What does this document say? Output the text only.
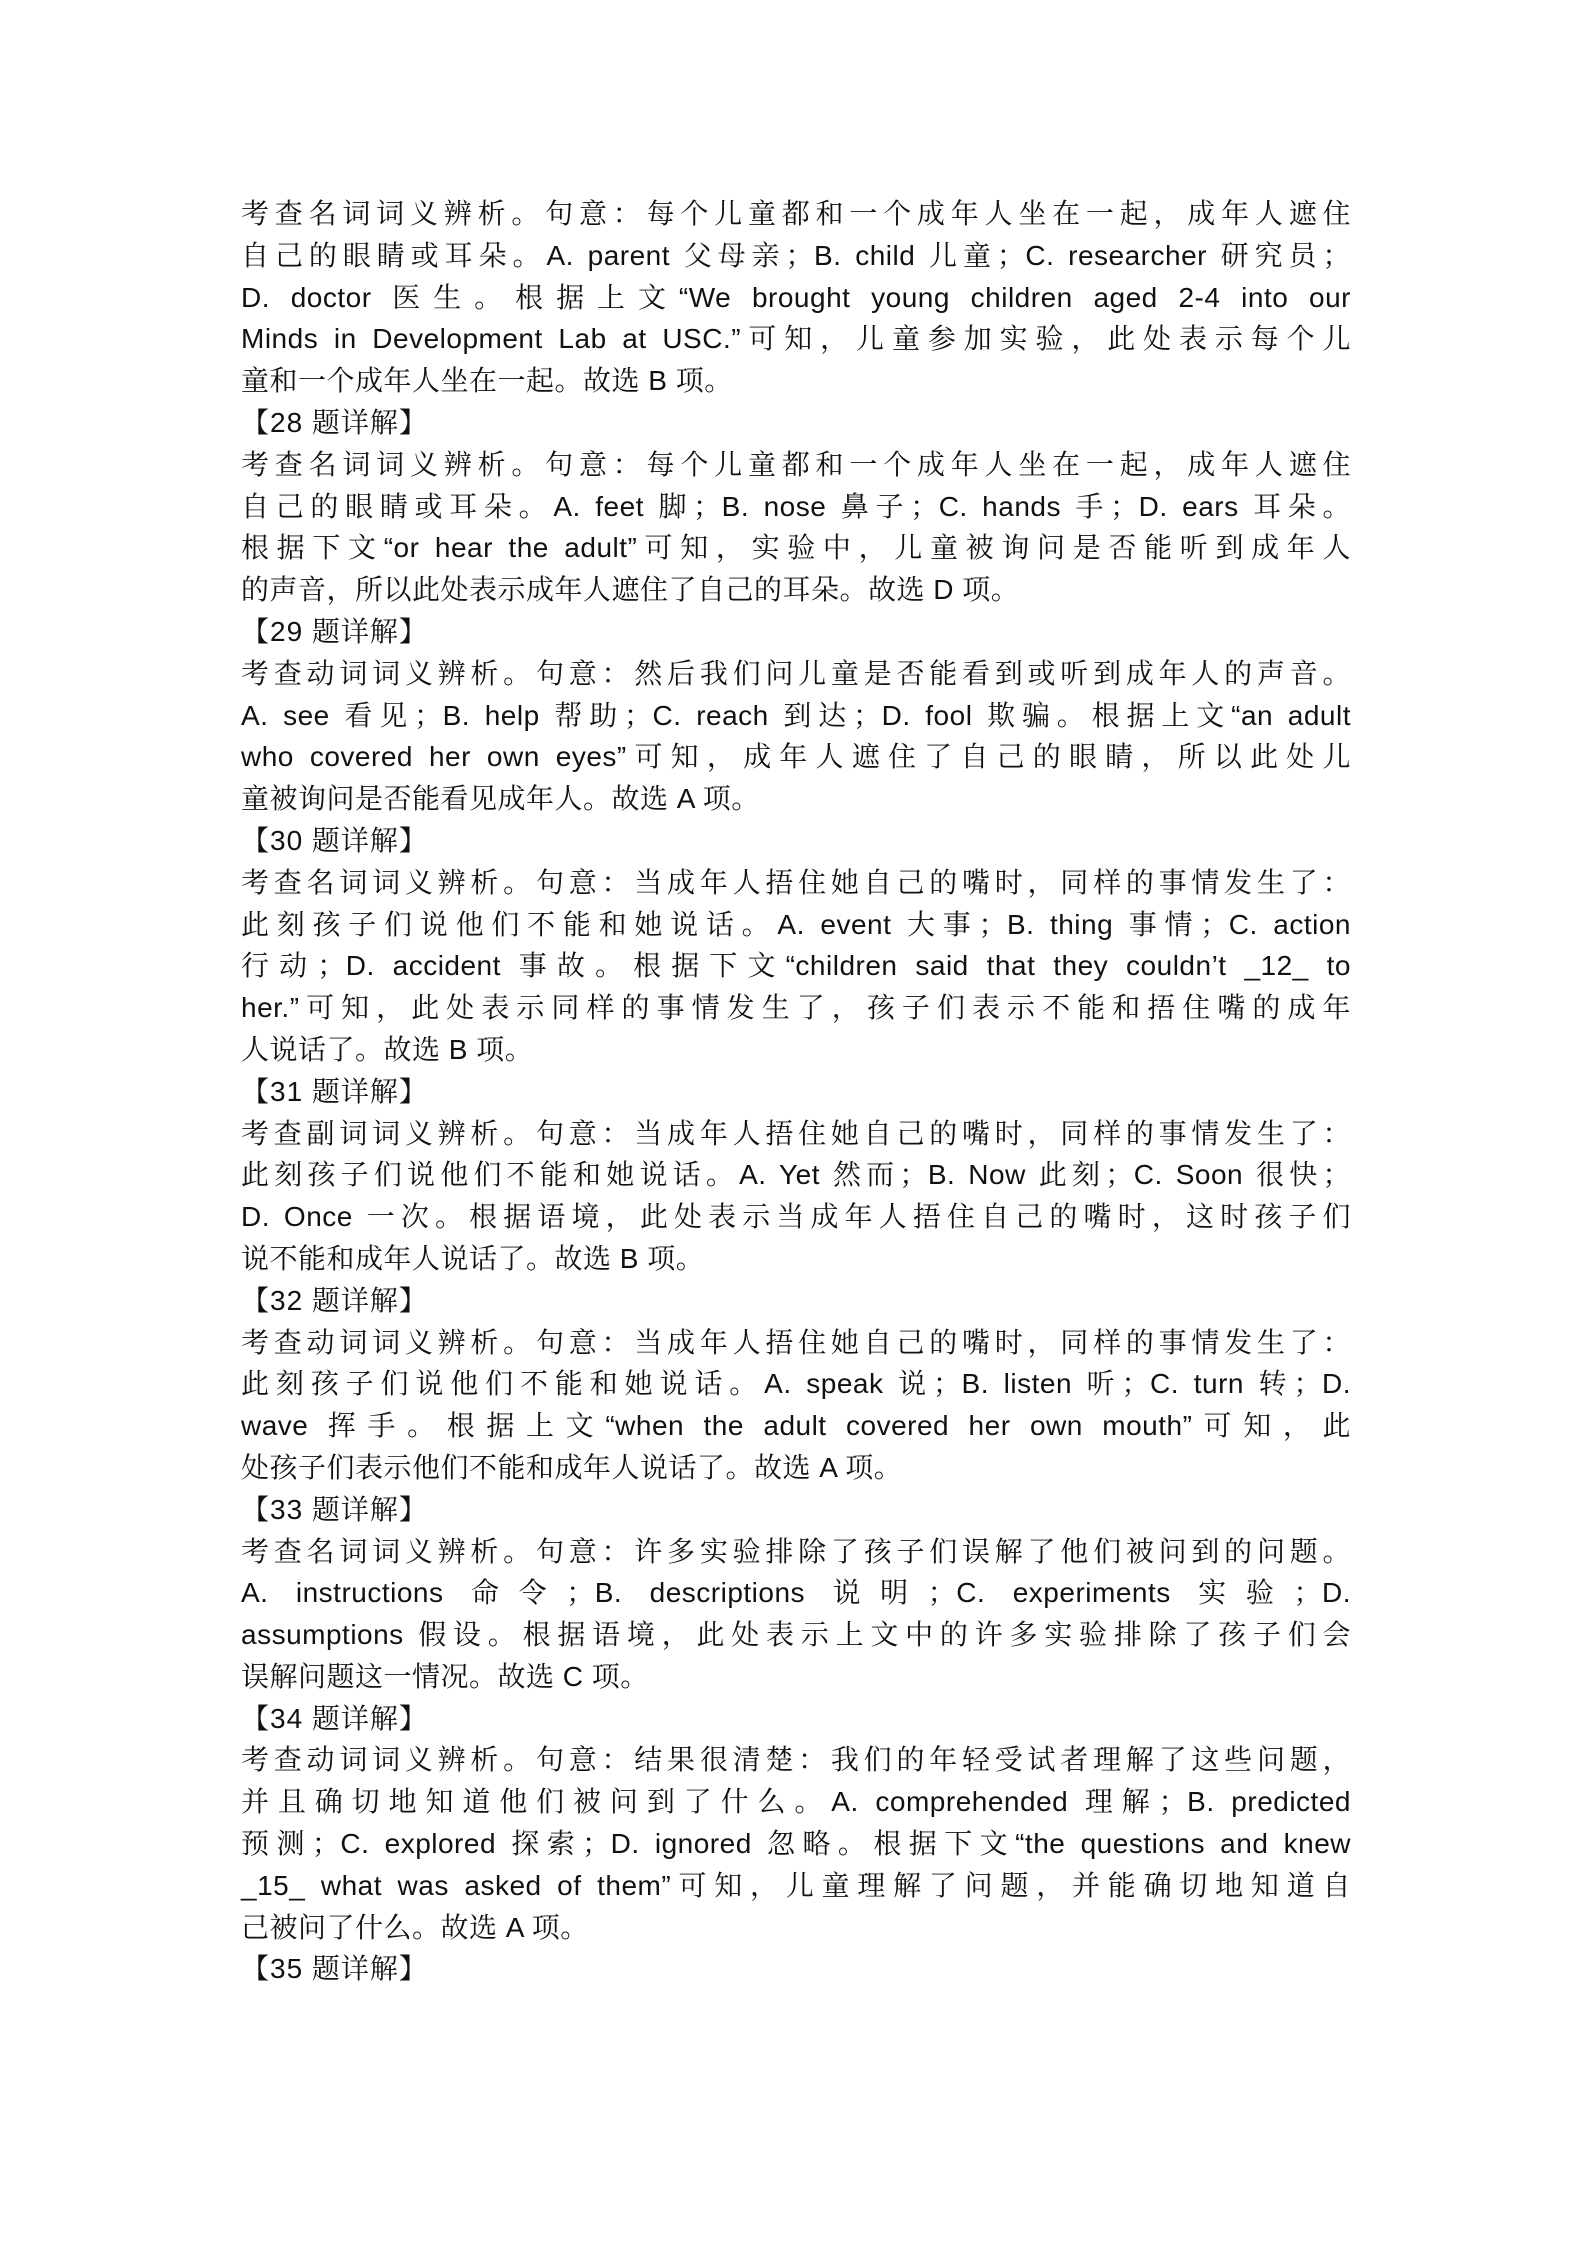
考查名词词义辨析。句意：每个儿童都和一个成年人坐在一起，成年人遮住
自己的眼睛或耳朵。A. parent 父母亲；B. child 儿童；C. researcher 研究员；
D. doctor 医生。根据上文“We brought young children aged 2-4 into our
Minds in Development Lab at USC.”可知，儿童参加实验，此处表示每个儿
童和一个成年人坐在一起。故选 B 项。
【28 题详解】
考查名词词义辨析。句意：每个儿童都和一个成年人坐在一起，成年人遮住
自己的眼睛或耳朵。A. feet 脚；B. nose 鼻子；C. hands 手；D. ears 耳朵。
根据下文“or hear the adult”可知，实验中，儿童被询问是否能听到成年人
的声音，所以此处表示成年人遮住了自己的耳朵。故选 D 项。
【29 题详解】
考查动词词义辨析。句意：然后我们问儿童是否能看到或听到成年人的声音。
A. see 看见；B. help 帮助；C. reach 到达；D. fool 欺骗。根据上文“an adult
who covered her own eyes”可知，成年人遮住了自己的眼睛，所以此处儿
童被询问是否能看见成年人。故选 A 项。
【30 题详解】
考查名词词义辨析。句意：当成年人捂住她自己的嘴时，同样的事情发生了：
此刻孩子们说他们不能和她说话。A. event 大事；B. thing 事情；C. action
行动；D. accident 事故。根据下文“children said that they couldn’t _12_ to
her.”可知，此处表示同样的事情发生了，孩子们表示不能和捂住嘴的成年
人说话了。故选 B 项。
【31 题详解】
考查副词词义辨析。句意：当成年人捂住她自己的嘴时，同样的事情发生了：
此刻孩子们说他们不能和她说话。A. Yet 然而；B. Now 此刻；C. Soon 很快；
D. Once 一次。根据语境，此处表示当成年人捂住自己的嘴时，这时孩子们
说不能和成年人说话了。故选 B 项。
【32 题详解】
考查动词词义辨析。句意：当成年人捂住她自己的嘴时，同样的事情发生了：
此刻孩子们说他们不能和她说话。A. speak 说；B. listen 听；C. turn 转；D.
wave 挥手。根据上文“when the adult covered her own mouth”可知，此
处孩子们表示他们不能和成年人说话了。故选 A 项。
【33 题详解】
考查名词词义辨析。句意：许多实验排除了孩子们误解了他们被问到的问题。
A. instructions 命令；B. descriptions 说明；C. experiments 实验；D.
assumptions 假设。根据语境，此处表示上文中的许多实验排除了孩子们会
误解问题这一情况。故选 C 项。
【34 题详解】
考查动词词义辨析。句意：结果很清楚：我们的年轻受试者理解了这些问题，
并且确切地知道他们被问到了什么。A. comprehended 理解；B. predicted
预测；C. explored 探索；D. ignored 忽略。根据下文“the questions and knew
_15_ what was asked of them”可知，儿童理解了问题，并能确切地知道自
己被问了什么。故选 A 项。
【35 题详解】
